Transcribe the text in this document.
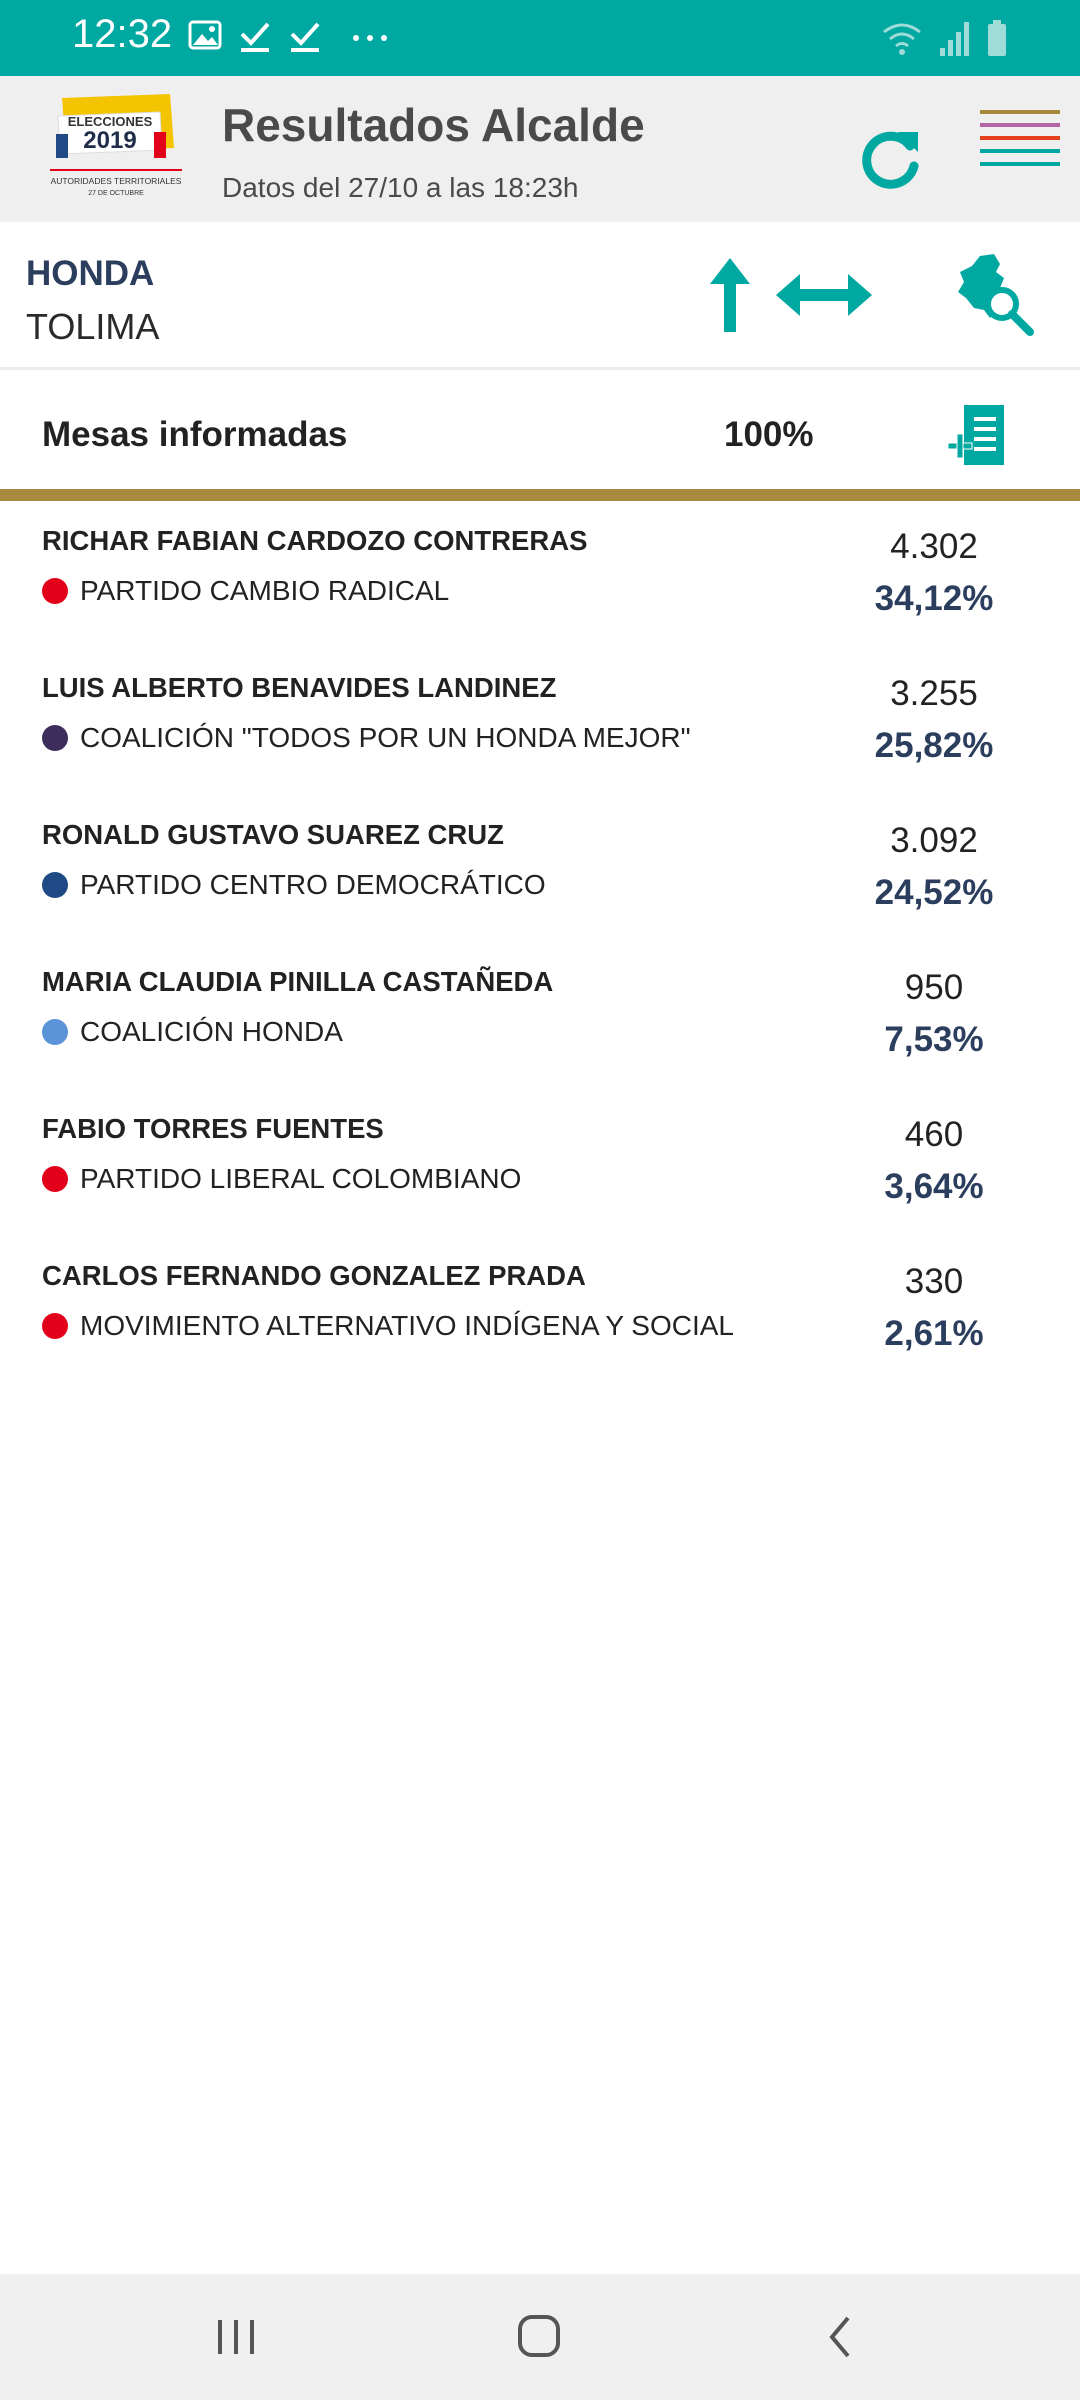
12:32
ELECCIONES
2019
AUTORIDADES TERRITORIALES
27 DE OCTUBRE
Resultados Alcalde
Datos del 27/10 a las 18:23h
HONDA
TOLIMA
Mesas informadas	100%
RICHAR FABIAN CARDOZO CONTRERAS
PARTIDO CAMBIO RADICAL
4.302
34,12%
LUIS ALBERTO BENAVIDES LANDINEZ
COALICIÓN "TODOS POR UN HONDA MEJOR"
3.255
25,82%
RONALD GUSTAVO SUAREZ CRUZ
PARTIDO CENTRO DEMOCRÁTICO
3.092
24,52%
MARIA CLAUDIA PINILLA CASTAÑEDA
COALICIÓN HONDA
950
7,53%
FABIO TORRES FUENTES
PARTIDO LIBERAL COLOMBIANO
460
3,64%
CARLOS FERNANDO GONZALEZ PRADA
MOVIMIENTO ALTERNATIVO INDÍGENA Y SOCIAL
330
2,61%
